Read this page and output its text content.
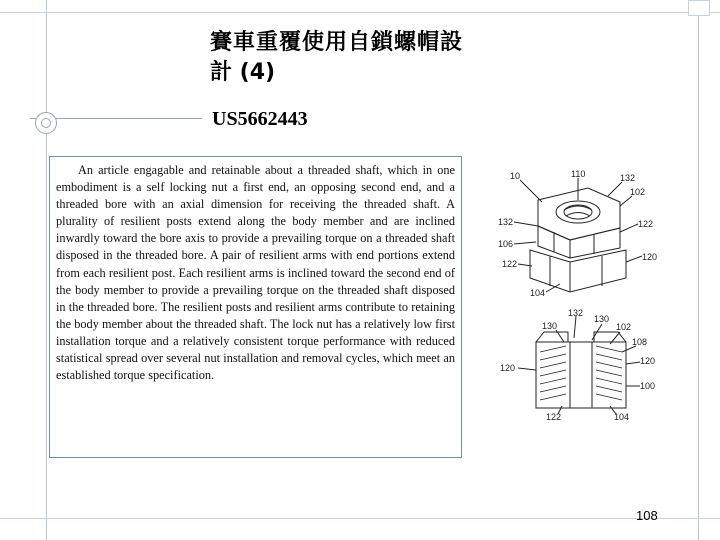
賽車重覆使用自鎖螺帽設
計 (4)
US5662443
An article engagable and retainable about a threaded shaft, which in one embodiment is a self locking nut a first end, an opposing second end, and a threaded bore with an axial dimension for receiving the threaded shaft. A plurality of resilient posts extend along the body member and are inclined inwardly toward the bore axis to provide a prevailing torque on a threaded shaft disposed in the threaded bore. A pair of resilient arms with end portions extend from each resilient post. Each resilient arms is inclined toward the second end of the body member to provide a prevailing torque on the threaded shaft disposed in the threaded bore. The resilient posts and resilient arms contribute to retaining the body member about the threaded shaft. The lock nut has a relatively low first installation torque and a relatively consistent torque performance with reduced statistical spread over several nut installation and removal cycles, which meet an established torque specification.
10	110	132
102
132	122
106
120
122
104
132
130
130
102
108
120
120
100
122	104
108
